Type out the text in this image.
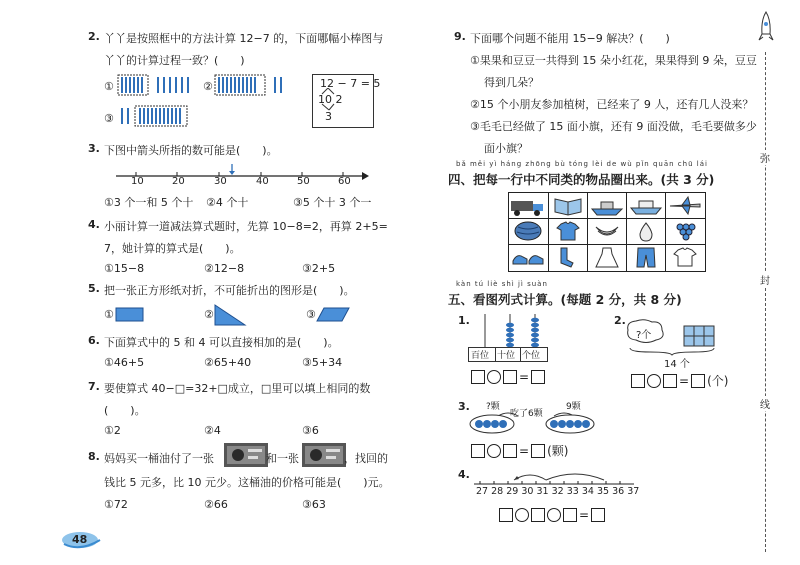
2. 丫丫是按照框中的方法计算 12−7 的，下面哪幅小棒图与
丫丫的计算过程一致？(　　)
①	②
③
12 − 7 = 5
10 2
3
3. 下图中箭头所指的数可能是(　　)。
10	20	30	40	50	60
①3 个一和 5 个十 ②4 个十	③5 个十 3 个一
4. 小丽计算一道减法算式题时，先算 10−8=2，再算 2+5=
7，她计算的算式是(　　)。
①15−8	②12−8	③2+5
5. 把一张正方形纸对折，不可能折出的图形是(　　)。
①	②	③
6. 下面算式中的 5 和 4 可以直接相加的是(　　)。
①46+5	②65+40	③5+34
7. 要使算式 40−□=32+□成立，□里可以填上相同的数
(　　)。
①2	②4	③6
8. 妈妈买一桶油付了一张	和一张	，找回的
钱比 5 元多，比 10 元少。这桶油的价格可能是(　　)元。
①72	②66	③63
48
9. 下面哪个问题不能用 15−9 解决？(　　)
①果果和豆豆一共得到 15 朵小红花，果果得到 9 朵，豆豆
得到几朵？
②15 个小朋友参加植树，已经来了 9 人，还有几人没来？
③毛毛已经做了 15 面小旗，还有 9 面没做，毛毛要做多少
面小旗？
bǎ měi yì háng zhōng bù tóng lèi de wù pǐn quān chū lái
四、把每一行中不同类的物品圈出来。(共 3 分)
kàn tú liè shì jì suàn
五、看图列式计算。(每题 2 分，共 8 分)
1.
百位 十位 个位
=
2.
?个
14 个
= (个)
3. ?颗
吃了6颗
9颗
= (颗)
4.
27 28 29 30 31 32 33 34 35 36 37
=
弥
封
线
